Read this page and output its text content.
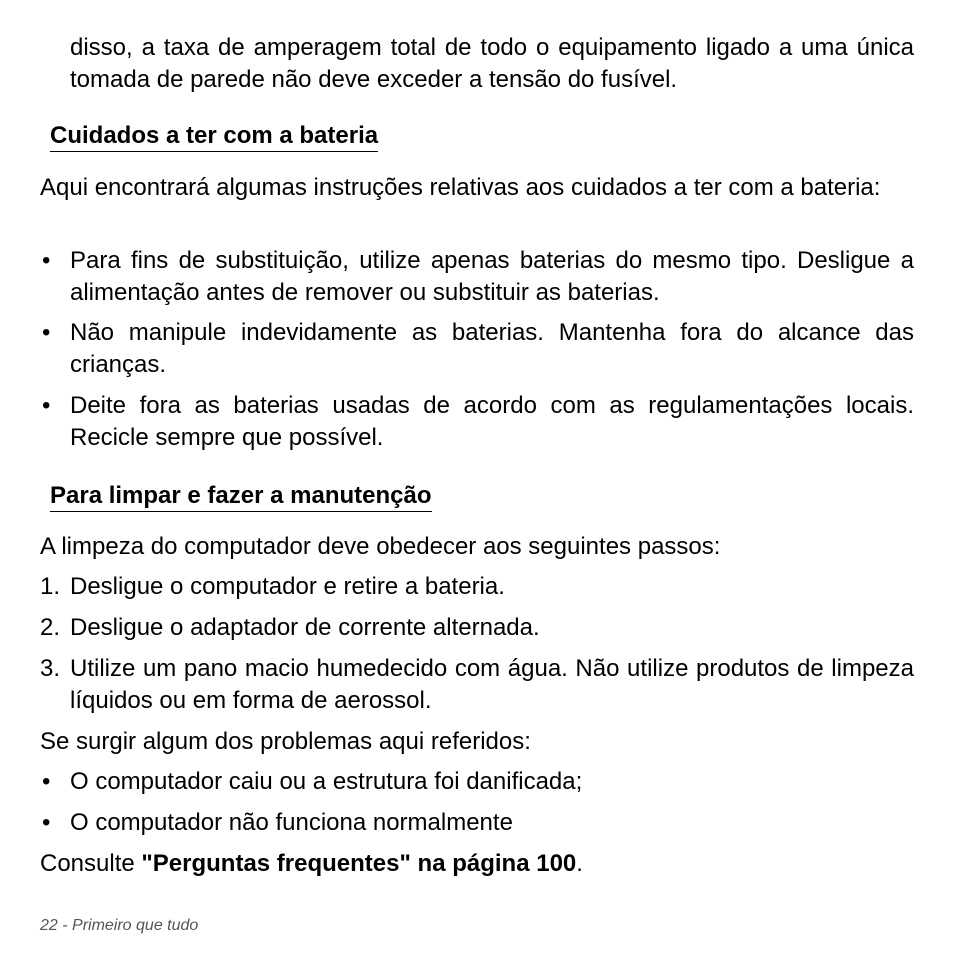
disso, a taxa de amperagem total de todo o equipamento ligado a uma única tomada de parede não deve exceder a tensão do fusível.

Cuidados a ter com a bateria

Aqui encontrará algumas instruções relativas aos cuidados a ter com a bateria:

• Para fins de substituição, utilize apenas baterias do mesmo tipo. Desligue a alimentação antes de remover ou substituir as baterias.

• Não manipule indevidamente as baterias. Mantenha fora do alcance das crianças.

• Deite fora as baterias usadas de acordo com as regulamentações locais. Recicle sempre que possível.

Para limpar e fazer a manutenção

A limpeza do computador deve obedecer aos seguintes passos:

1. Desligue o computador e retire a bateria.

2. Desligue o adaptador de corrente alternada.

3. Utilize um pano macio humedecido com água. Não utilize produtos de limpeza líquidos ou em forma de aerossol.

Se surgir algum dos problemas aqui referidos:

• O computador caiu ou a estrutura foi danificada;

• O computador não funciona normalmente

Consulte "Perguntas frequentes" na página 100.

22 - Primeiro que tudo
